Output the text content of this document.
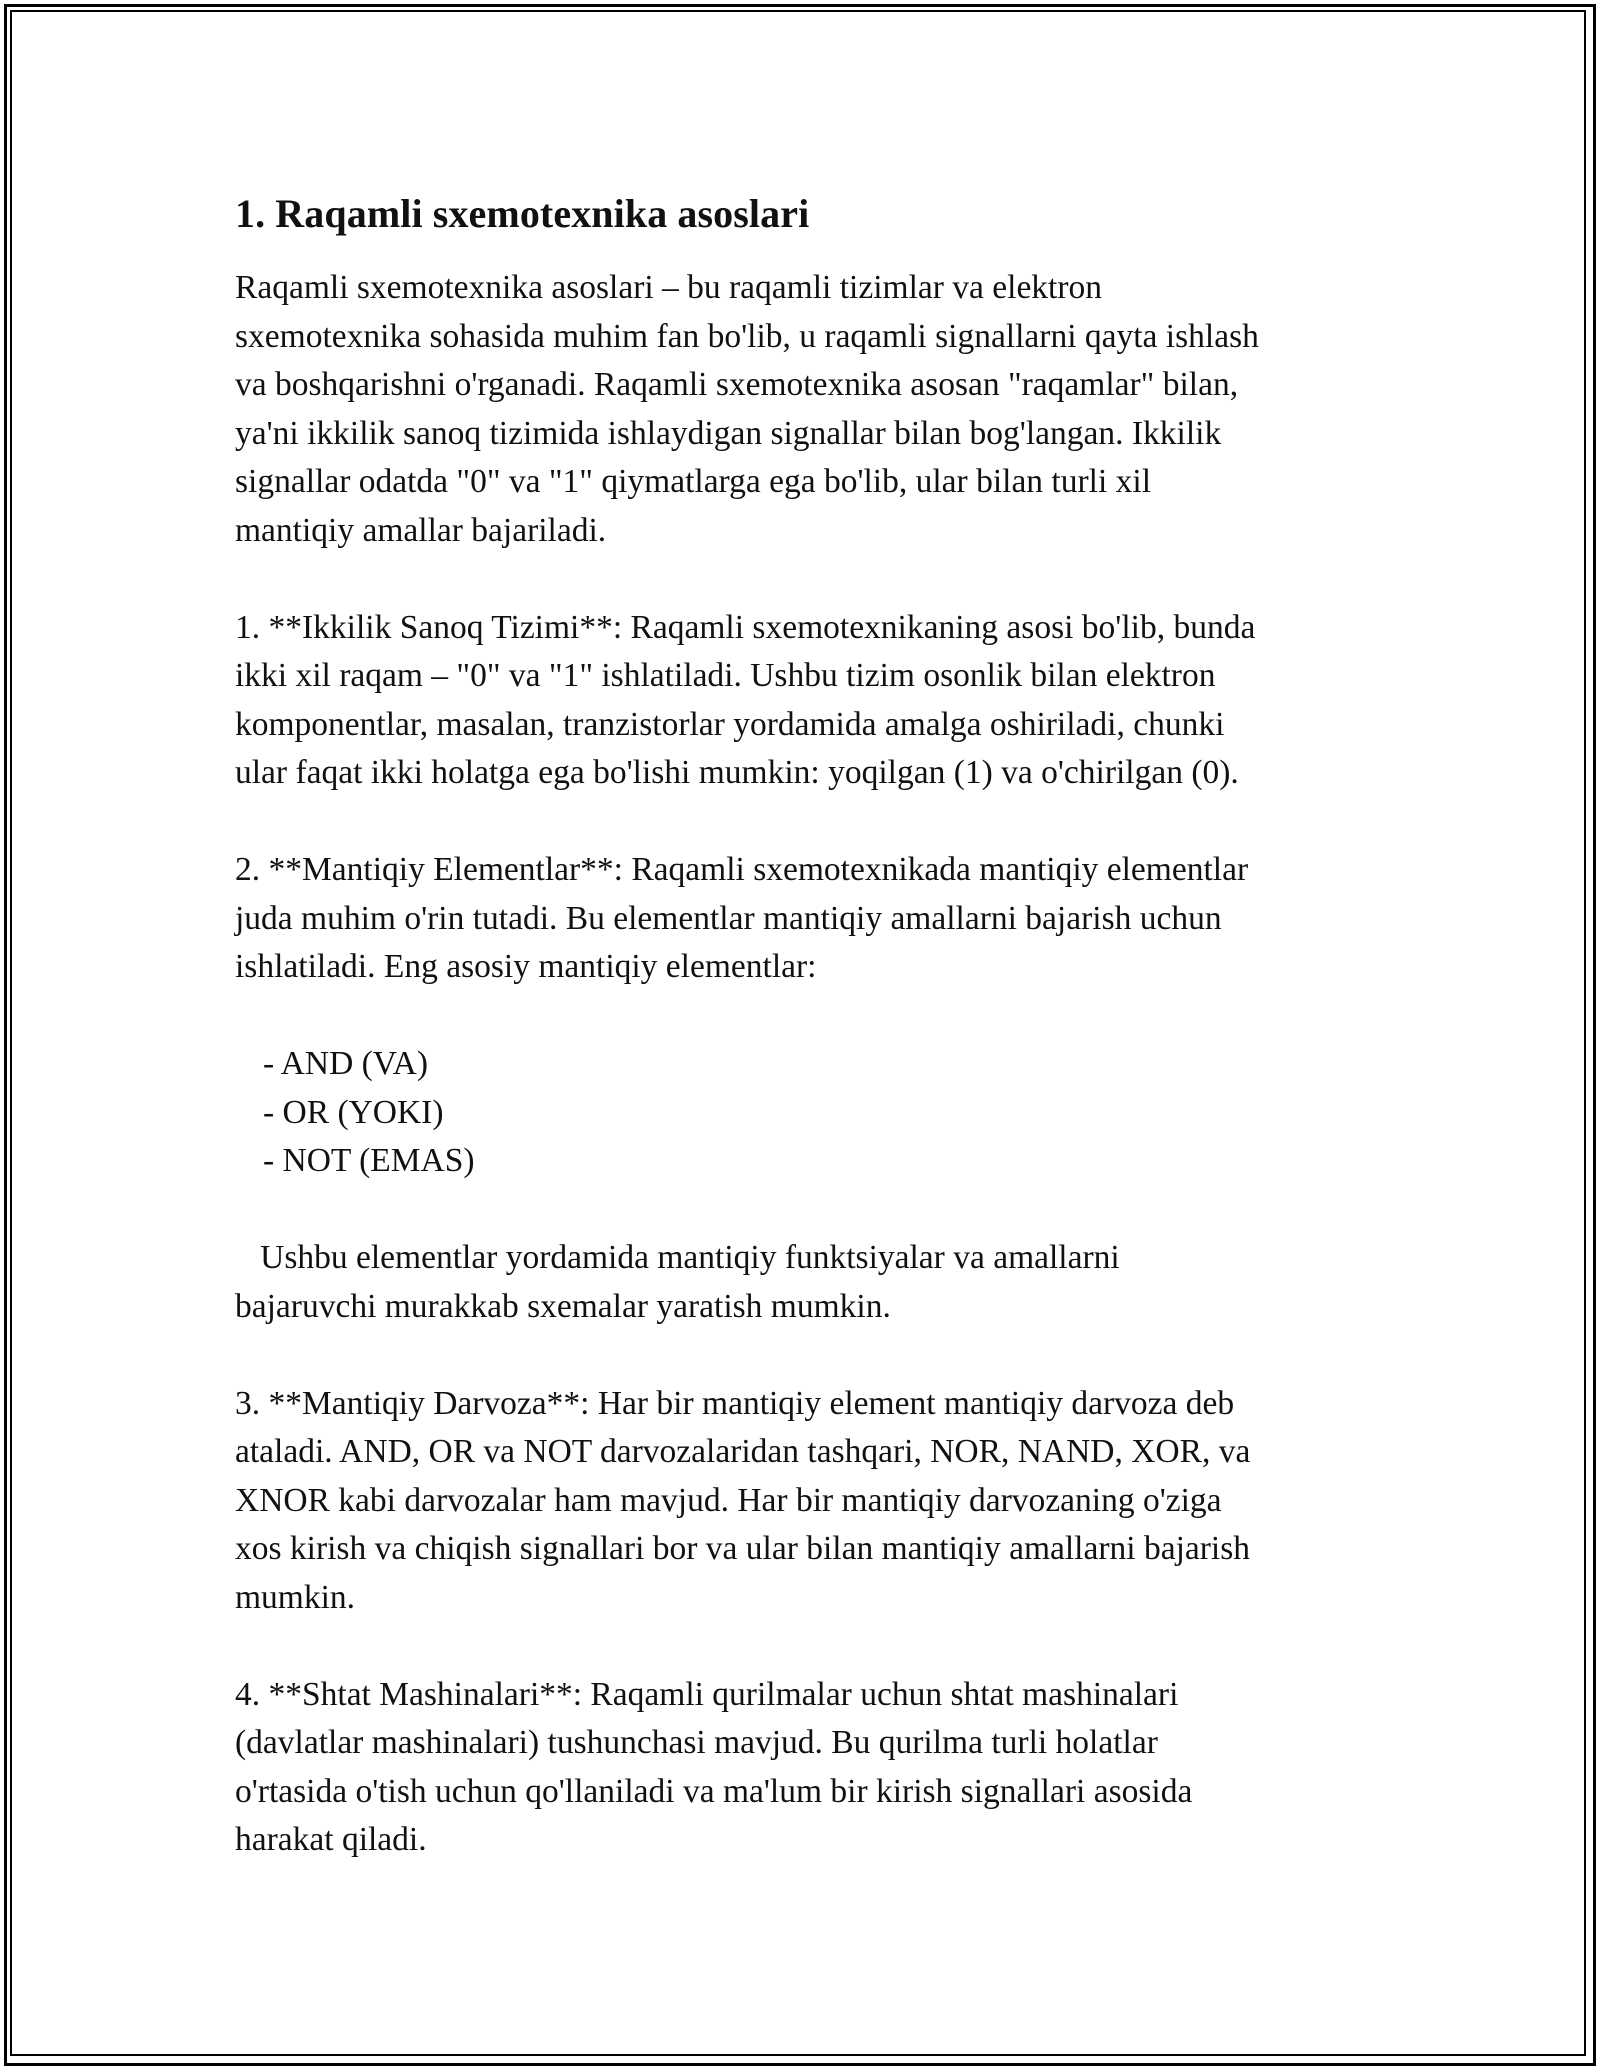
1. Raqamli sxemotexnika asoslari
Raqamli sxemotexnika asoslari – bu raqamli tizimlar va elektron
sxemotexnika sohasida muhim fan bo'lib, u raqamli signallarni qayta ishlash
va boshqarishni o'rganadi. Raqamli sxemotexnika asosan "raqamlar" bilan,
ya'ni ikkilik sanoq tizimida ishlaydigan signallar bilan bog'langan. Ikkilik
signallar odatda "0" va "1" qiymatlarga ega bo'lib, ular bilan turli xil
mantiqiy amallar bajariladi.
1. **Ikkilik Sanoq Tizimi**: Raqamli sxemotexnikaning asosi bo'lib, bunda
ikki xil raqam – "0" va "1" ishlatiladi. Ushbu tizim osonlik bilan elektron
komponentlar, masalan, tranzistorlar yordamida amalga oshiriladi, chunki
ular faqat ikki holatga ega bo'lishi mumkin: yoqilgan (1) va o'chirilgan (0).
2. **Mantiqiy Elementlar**: Raqamli sxemotexnikada mantiqiy elementlar
juda muhim o'rin tutadi. Bu elementlar mantiqiy amallarni bajarish uchun
ishlatiladi. Eng asosiy mantiqiy elementlar:
- AND (VA)
- OR (YOKI)
- NOT (EMAS)
Ushbu elementlar yordamida mantiqiy funktsiyalar va amallarni
bajaruvchi murakkab sxemalar yaratish mumkin.
3. **Mantiqiy Darvoza**: Har bir mantiqiy element mantiqiy darvoza deb
ataladi. AND, OR va NOT darvozalaridan tashqari, NOR, NAND, XOR, va
XNOR kabi darvozalar ham mavjud. Har bir mantiqiy darvozaning o'ziga
xos kirish va chiqish signallari bor va ular bilan mantiqiy amallarni bajarish
mumkin.
4. **Shtat Mashinalari**: Raqamli qurilmalar uchun shtat mashinalari
(davlatlar mashinalari) tushunchasi mavjud. Bu qurilma turli holatlar
o'rtasida o'tish uchun qo'llaniladi va ma'lum bir kirish signallari asosida
harakat qiladi.
